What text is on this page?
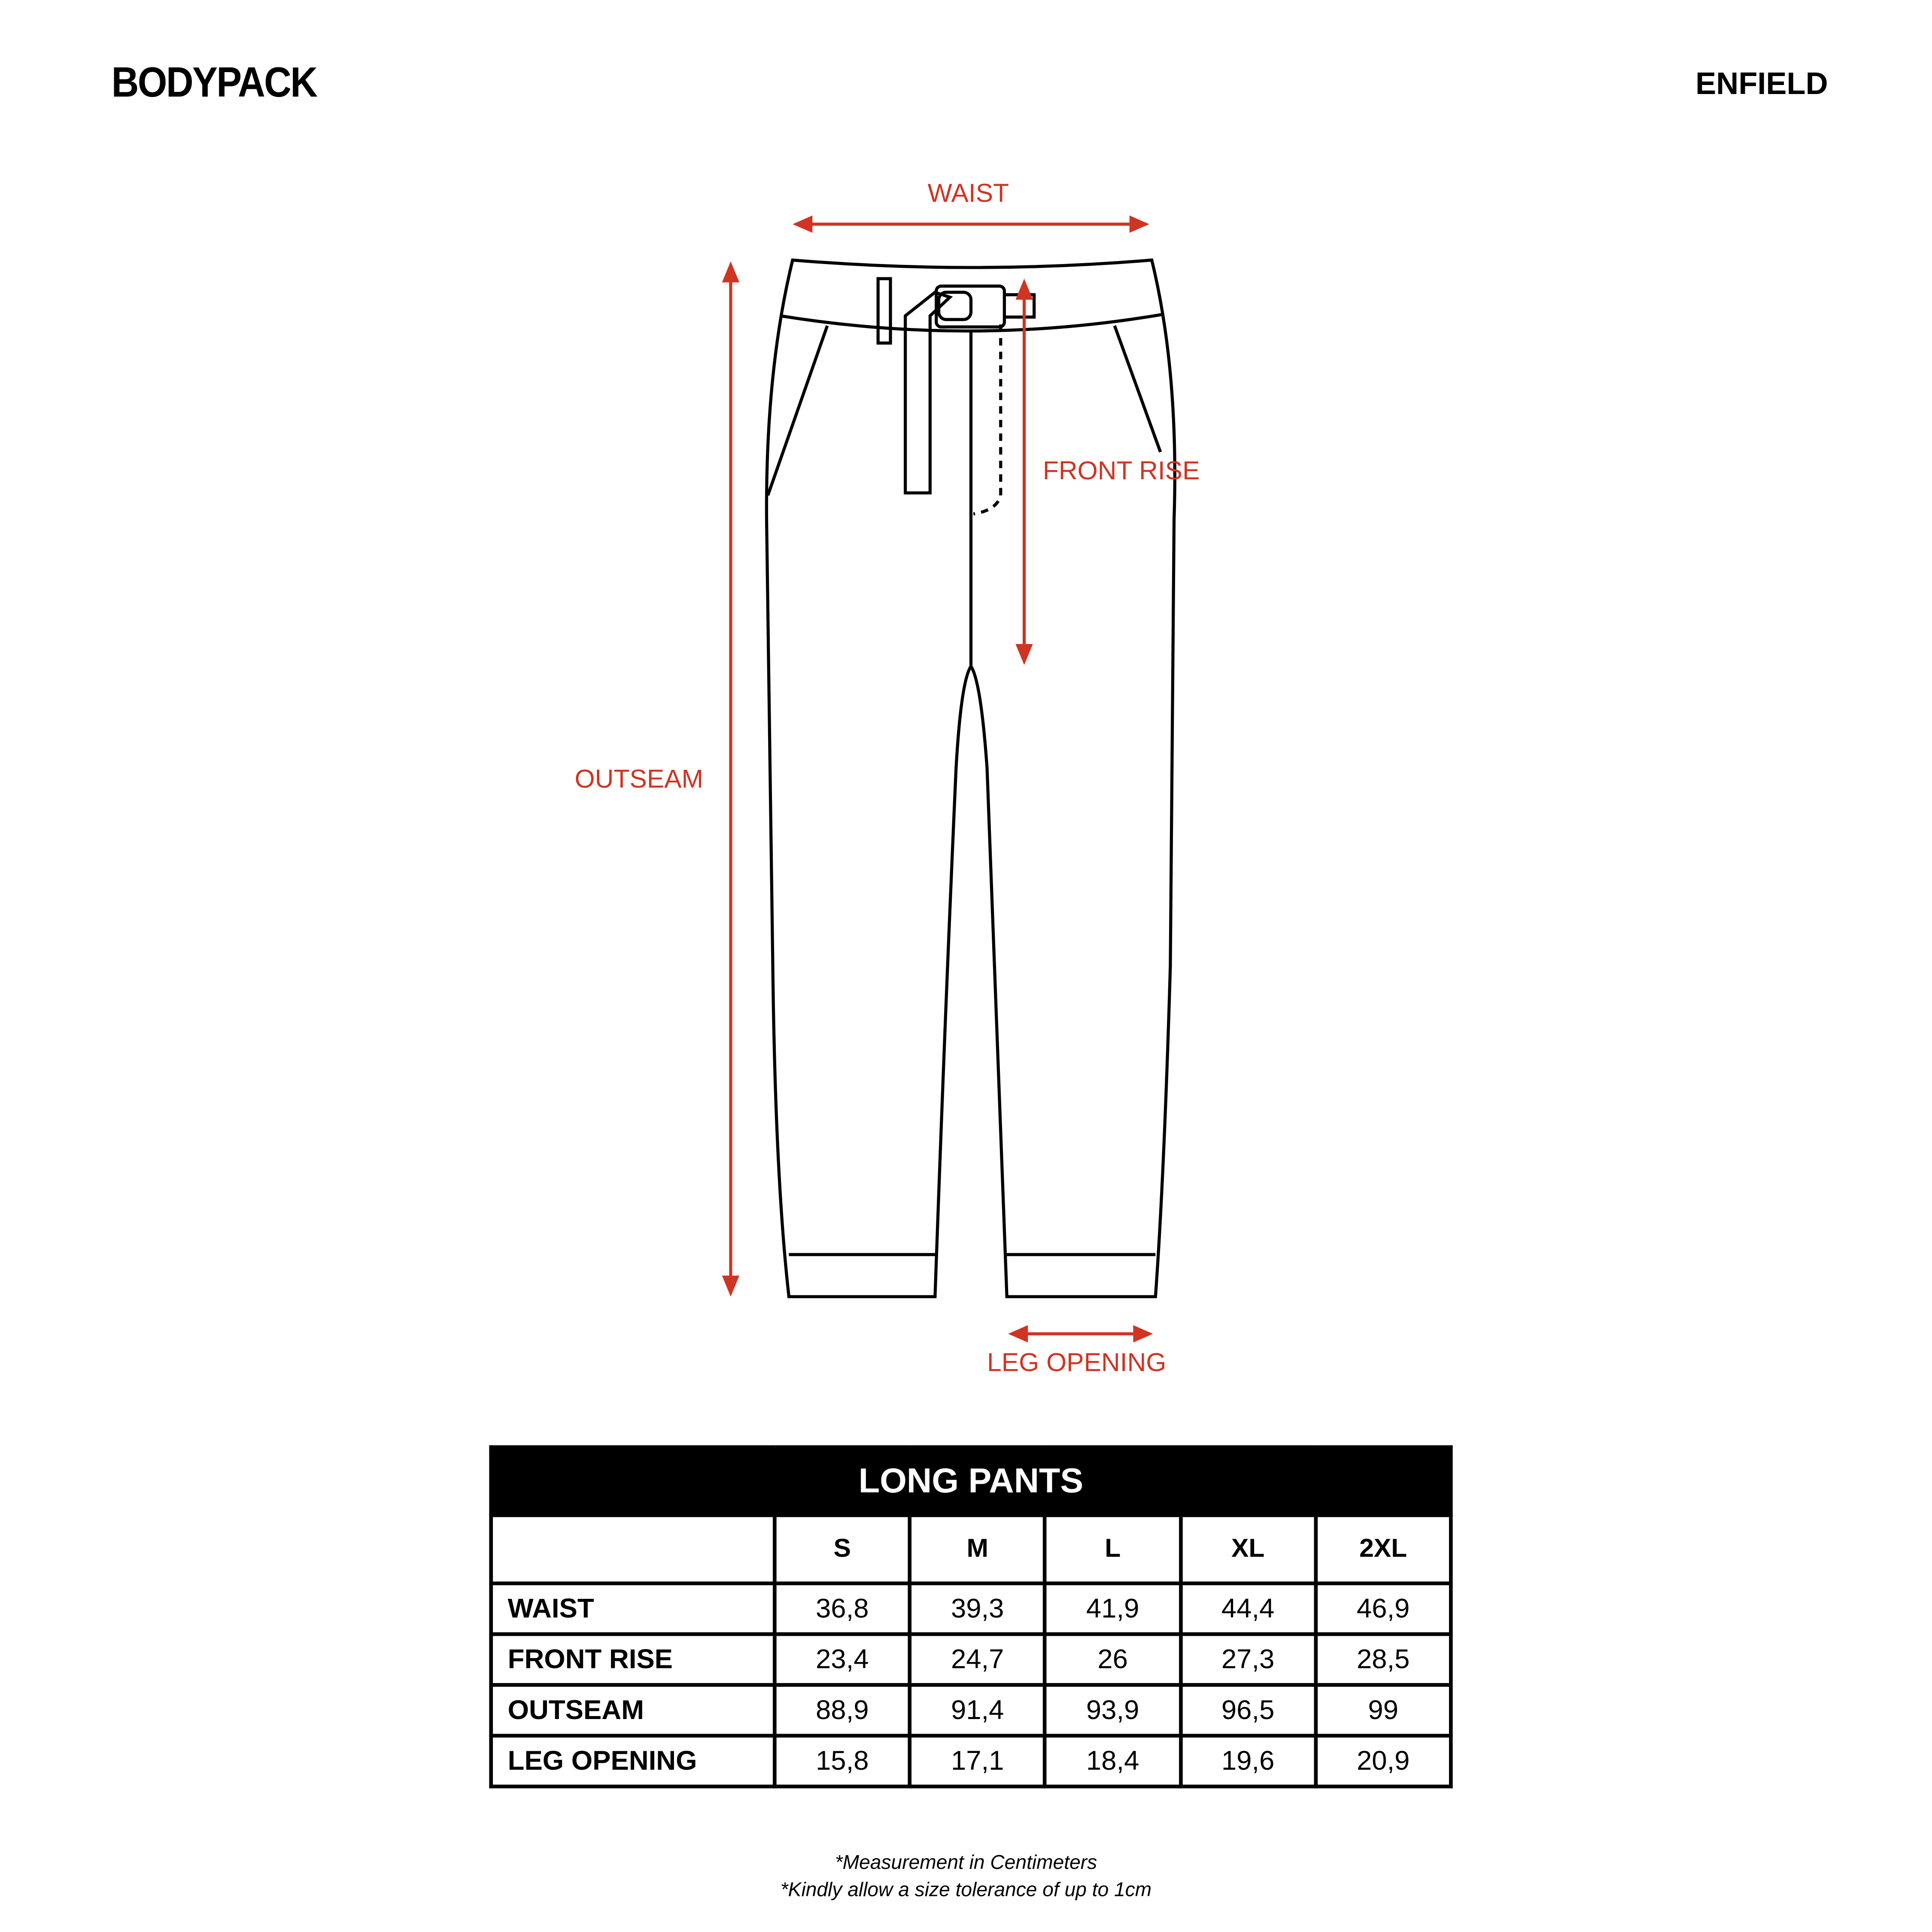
BODYPACK	ENFIELD
WAIST
FRONT RISE
OUTSEAM
LEG OPENING
LONG PANTS					
	S	M	L	XL	2XL
WAIST	36,8	39,3	41,9	44,4	46,9
FRONT RISE	23,4	24,7	26	27,3	28,5
OUTSEAM	88,9	91,4	93,9	96,5	99
LEG OPENING	15,8	17,1	18,4	19,6	20,9
*Measurement in Centimeters
*Kindly allow a size tolerance of up to 1cm
